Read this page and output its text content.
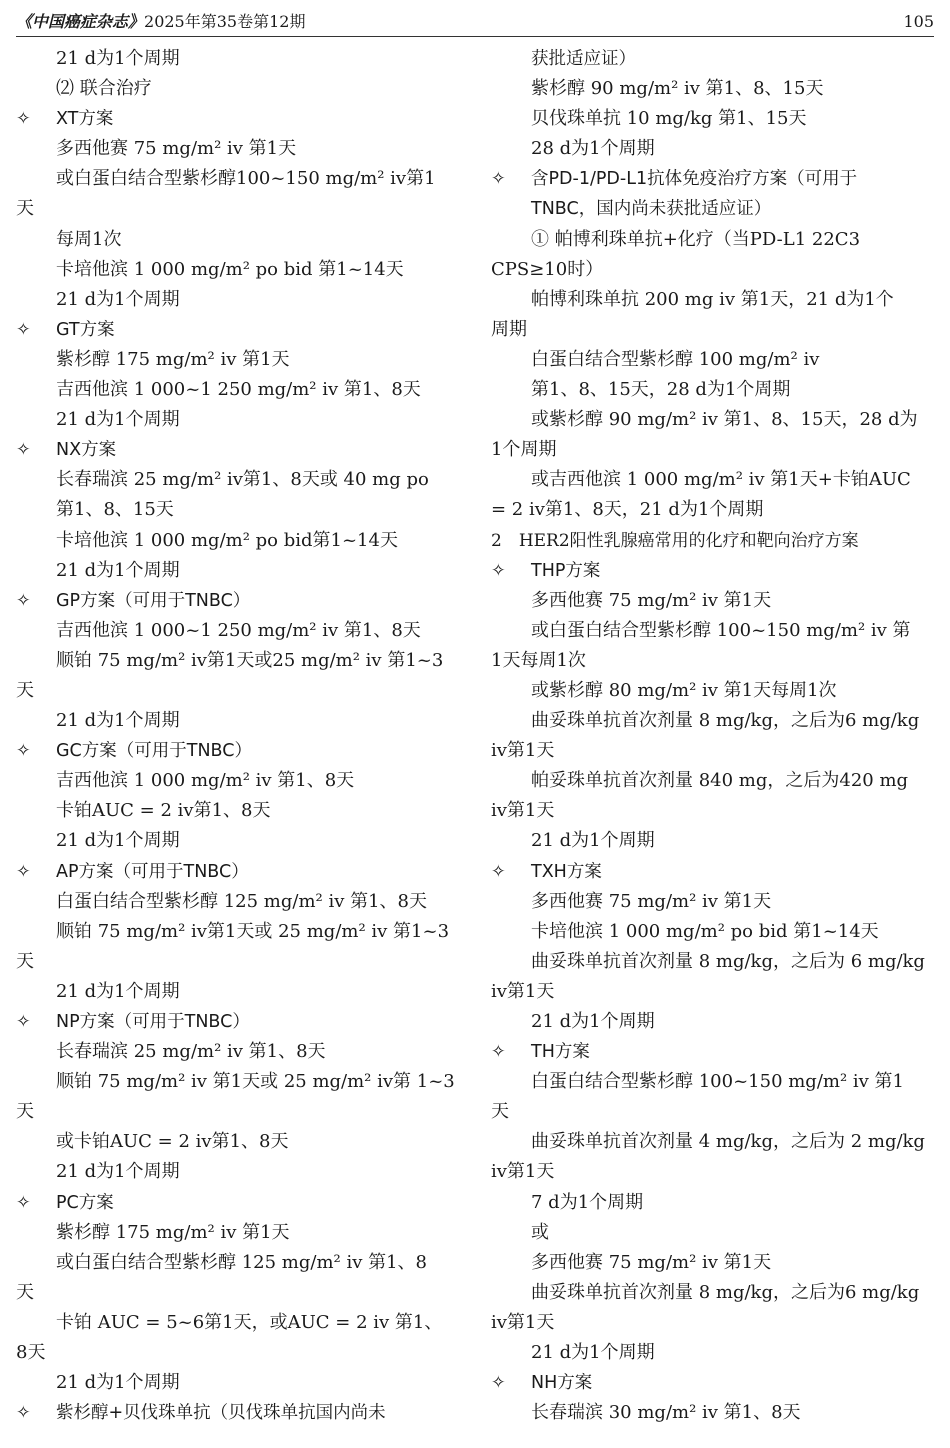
《中国癌症杂志》2025年第35卷第12期	105
21 d为1个周期
⑵ 联合治疗
✧ XT方案
多西他赛 75 mg/m² iv 第1天
或白蛋白结合型紫杉醇100~150 mg/m² iv第1
天
每周1次
卡培他滨 1 000 mg/m² po bid 第1~14天
21 d为1个周期
✧ GT方案
紫杉醇 175 mg/m² iv 第1天
吉西他滨 1 000~1 250 mg/m² iv 第1、8天
21 d为1个周期
✧ NX方案
长春瑞滨 25 mg/m² iv第1、8天或 40 mg po
第1、8、15天
卡培他滨 1 000 mg/m² po bid第1~14天
21 d为1个周期
✧ GP方案（可用于TNBC）
吉西他滨 1 000~1 250 mg/m² iv 第1、8天
顺铂 75 mg/m² iv第1天或25 mg/m² iv 第1~3
天
21 d为1个周期
✧ GC方案（可用于TNBC）
吉西他滨 1 000 mg/m² iv 第1、8天
卡铂AUC = 2 iv第1、8天
21 d为1个周期
✧ AP方案（可用于TNBC）
白蛋白结合型紫杉醇 125 mg/m² iv 第1、8天
顺铂 75 mg/m² iv第1天或 25 mg/m² iv 第1~3
天
21 d为1个周期
✧ NP方案（可用于TNBC）
长春瑞滨 25 mg/m² iv 第1、8天
顺铂 75 mg/m² iv 第1天或 25 mg/m² iv第 1~3
天
或卡铂AUC = 2 iv第1、8天
21 d为1个周期
✧ PC方案
紫杉醇 175 mg/m² iv 第1天
或白蛋白结合型紫杉醇 125 mg/m² iv 第1、8
天
卡铂 AUC = 5~6第1天，或AUC = 2 iv 第1、
8天
21 d为1个周期
✧ 紫杉醇+贝伐珠单抗（贝伐珠单抗国内尚未
获批适应证）
紫杉醇 90 mg/m² iv 第1、8、15天
贝伐珠单抗 10 mg/kg 第1、15天
28 d为1个周期
✧ 含PD-1/PD-L1抗体免疫治疗方案（可用于
TNBC，国内尚未获批适应证）
① 帕博利珠单抗+化疗（当PD-L1 22C3
CPS≥10时）
帕博利珠单抗 200 mg iv 第1天，21 d为1个
周期
白蛋白结合型紫杉醇 100 mg/m² iv
第1、8、15天，28 d为1个周期
或紫杉醇 90 mg/m² iv 第1、8、15天，28 d为
1个周期
或吉西他滨 1 000 mg/m² iv 第1天+卡铂AUC
= 2 iv第1、8天，21 d为1个周期
2　HER2阳性乳腺癌常用的化疗和靶向治疗方案
✧ THP方案
多西他赛 75 mg/m² iv 第1天
或白蛋白结合型紫杉醇 100~150 mg/m² iv 第
1天每周1次
或紫杉醇 80 mg/m² iv 第1天每周1次
曲妥珠单抗首次剂量 8 mg/kg，之后为6 mg/kg
iv第1天
帕妥珠单抗首次剂量 840 mg，之后为420 mg
iv第1天
21 d为1个周期
✧ TXH方案
多西他赛 75 mg/m² iv 第1天
卡培他滨 1 000 mg/m² po bid 第1~14天
曲妥珠单抗首次剂量 8 mg/kg，之后为 6 mg/kg
iv第1天
21 d为1个周期
✧ TH方案
白蛋白结合型紫杉醇 100~150 mg/m² iv 第1
天
曲妥珠单抗首次剂量 4 mg/kg，之后为 2 mg/kg
iv第1天
7 d为1个周期
或
多西他赛 75 mg/m² iv 第1天
曲妥珠单抗首次剂量 8 mg/kg，之后为6 mg/kg
iv第1天
21 d为1个周期
✧ NH方案
长春瑞滨 30 mg/m² iv 第1、8天
